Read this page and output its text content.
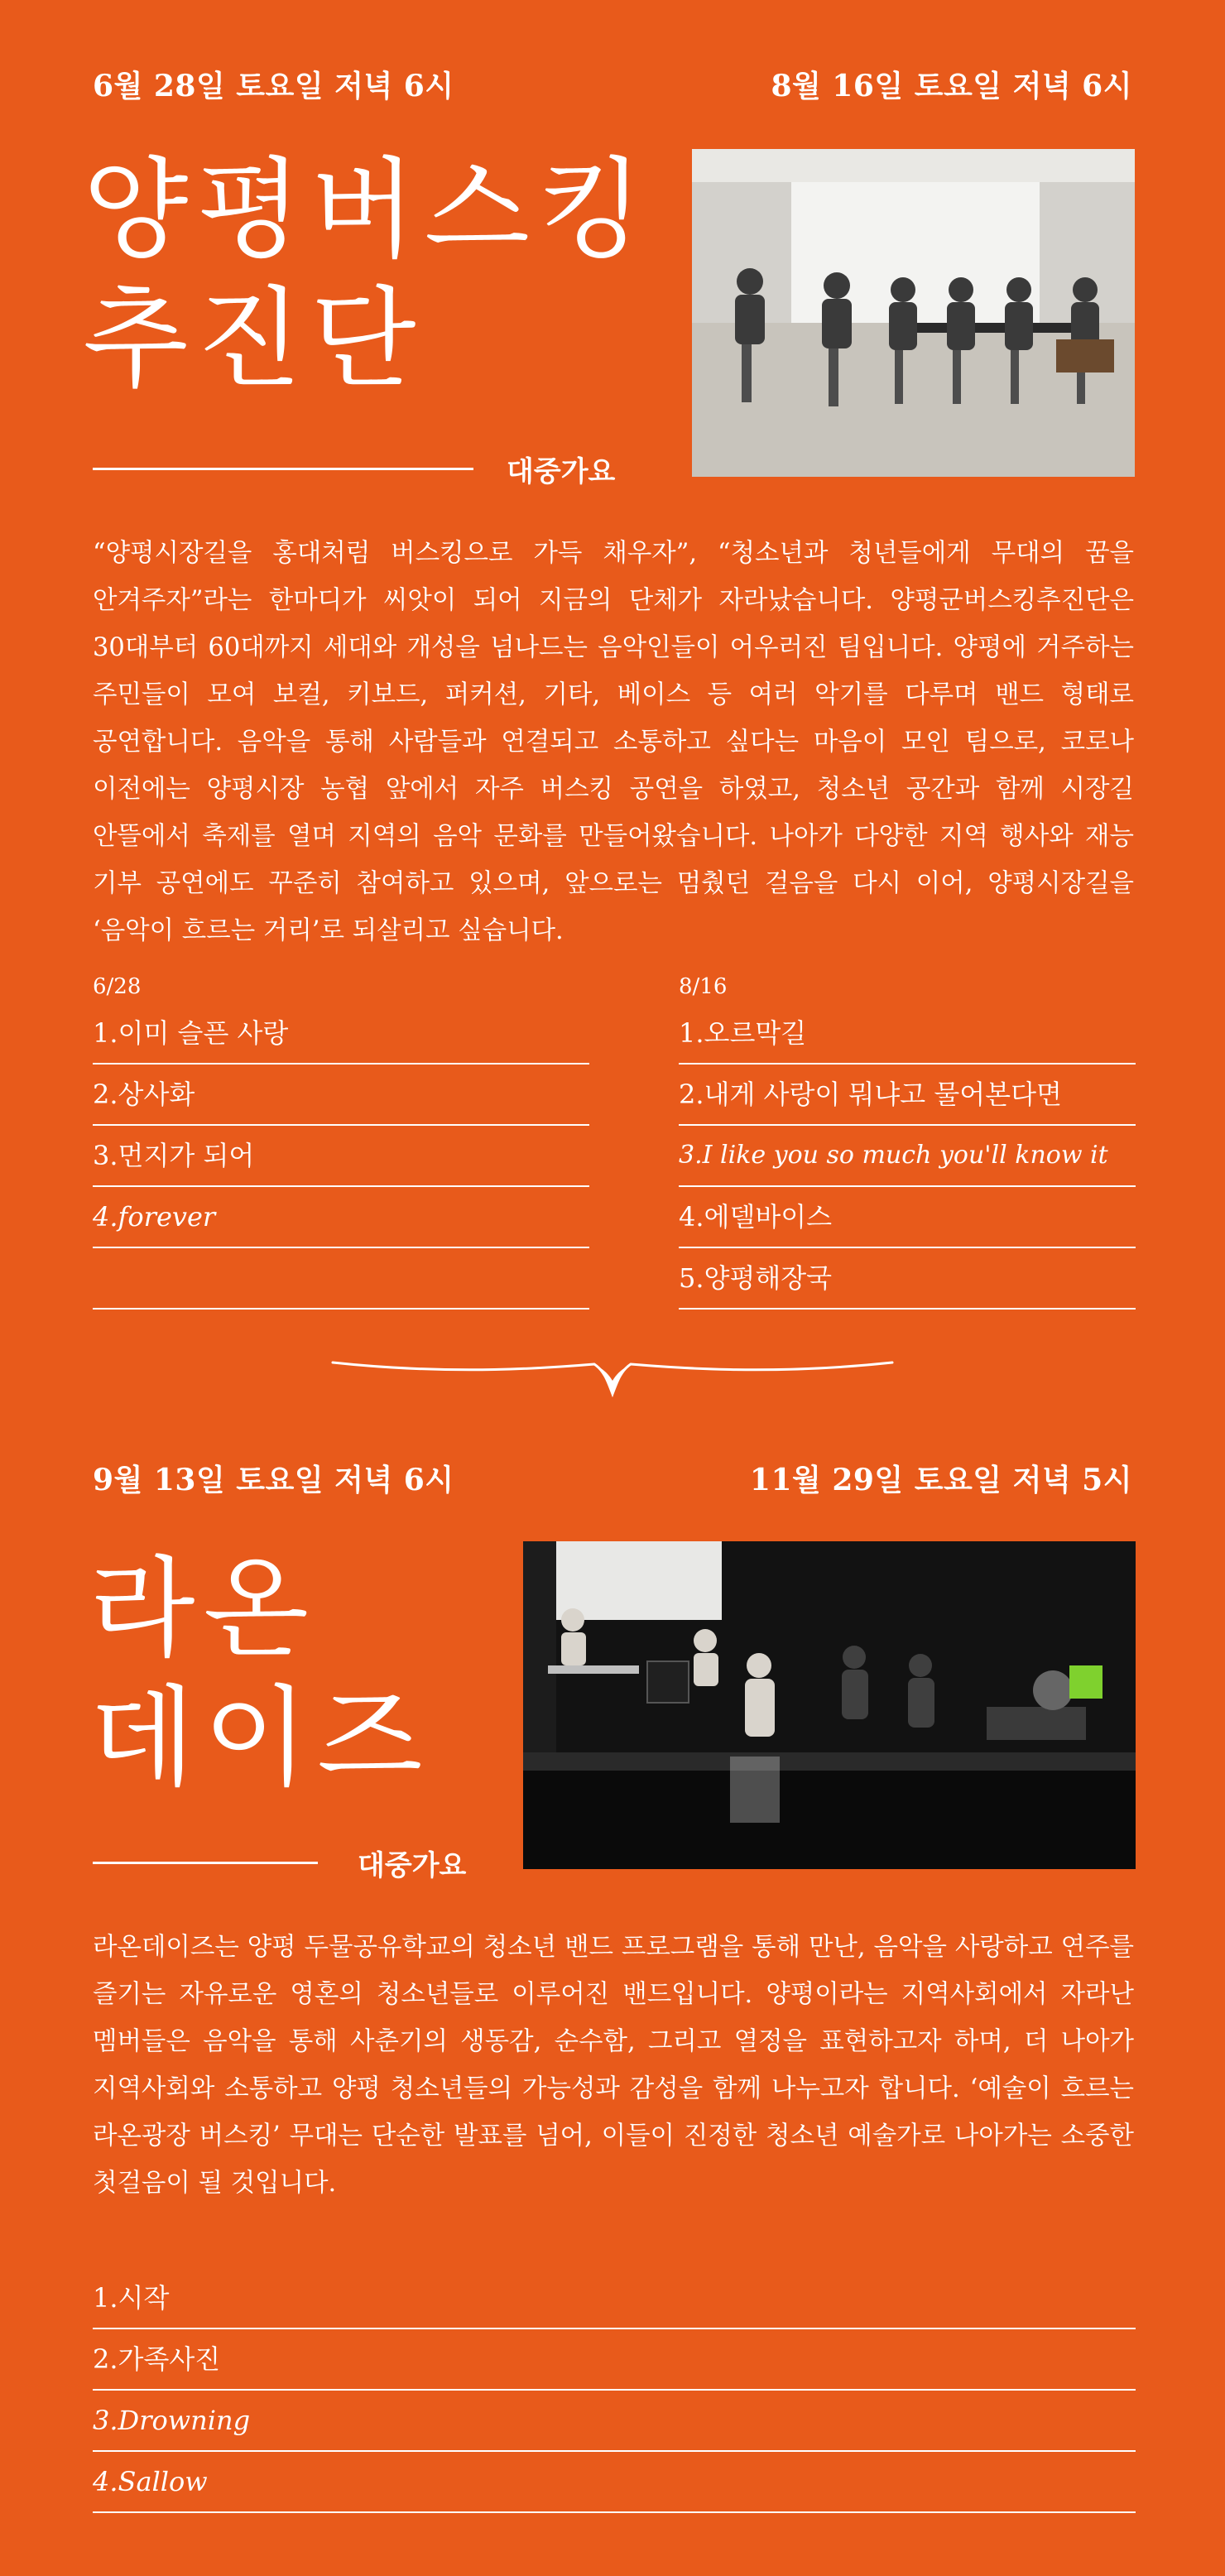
6월 28일 토요일 저녁 6시	8월 16일 토요일 저녁 6시
양평버스킹
추진단
대중가요
“양평시장길을 홍대처럼 버스킹으로 가득 채우자”, “청소년과 청년들에게 무대의 꿈을 안겨주자”라는 한마디가 씨앗이 되어 지금의 단체가 자라났습니다. 양평군버스킹추진단은 30대부터 60대까지 세대와 개성을 넘나드는 음악인들이 어우러진 팀입니다. 양평에 거주하는 주민들이 모여 보컬, 키보드, 퍼커션, 기타, 베이스 등 여러 악기를 다루며 밴드 형태로 공연합니다. 음악을 통해 사람들과 연결되고 소통하고 싶다는 마음이 모인 팀으로, 코로나 이전에는 양평시장 농협 앞에서 자주 버스킹 공연을 하였고, 청소년 공간과 함께 시장길 안뜰에서 축제를 열며 지역의 음악 문화를 만들어왔습니다. 나아가 다양한 지역 행사와 재능 기부 공연에도 꾸준히 참여하고 있으며, 앞으로는 멈췄던 걸음을 다시 이어, 양평시장길을 ‘음악이 흐르는 거리’로 되살리고 싶습니다.
6/28
1.이미 슬픈 사랑
2.상사화
3.먼지가 되어
4.forever
8/16
1.오르막길
2.내게 사랑이 뭐냐고 물어본다면
3.I like you so much you'll know it
4.에델바이스
5.양평해장국
9월 13일 토요일 저녁 6시	11월 29일 토요일 저녁 5시
라온
데이즈
대중가요
라온데이즈는 양평 두물공유학교의 청소년 밴드 프로그램을 통해 만난, 음악을 사랑하고 연주를 즐기는 자유로운 영혼의 청소년들로 이루어진 밴드입니다. 양평이라는 지역사회에서 자라난 멤버들은 음악을 통해 사춘기의 생동감, 순수함, 그리고 열정을 표현하고자 하며, 더 나아가 지역사회와 소통하고 양평 청소년들의 가능성과 감성을 함께 나누고자 합니다. ‘예술이 흐르는 라온광장 버스킹’ 무대는 단순한 발표를 넘어, 이들이 진정한 청소년 예술가로 나아가는 소중한 첫걸음이 될 것입니다.
1.시작
2.가족사진
3.Drowning
4.Sallow
